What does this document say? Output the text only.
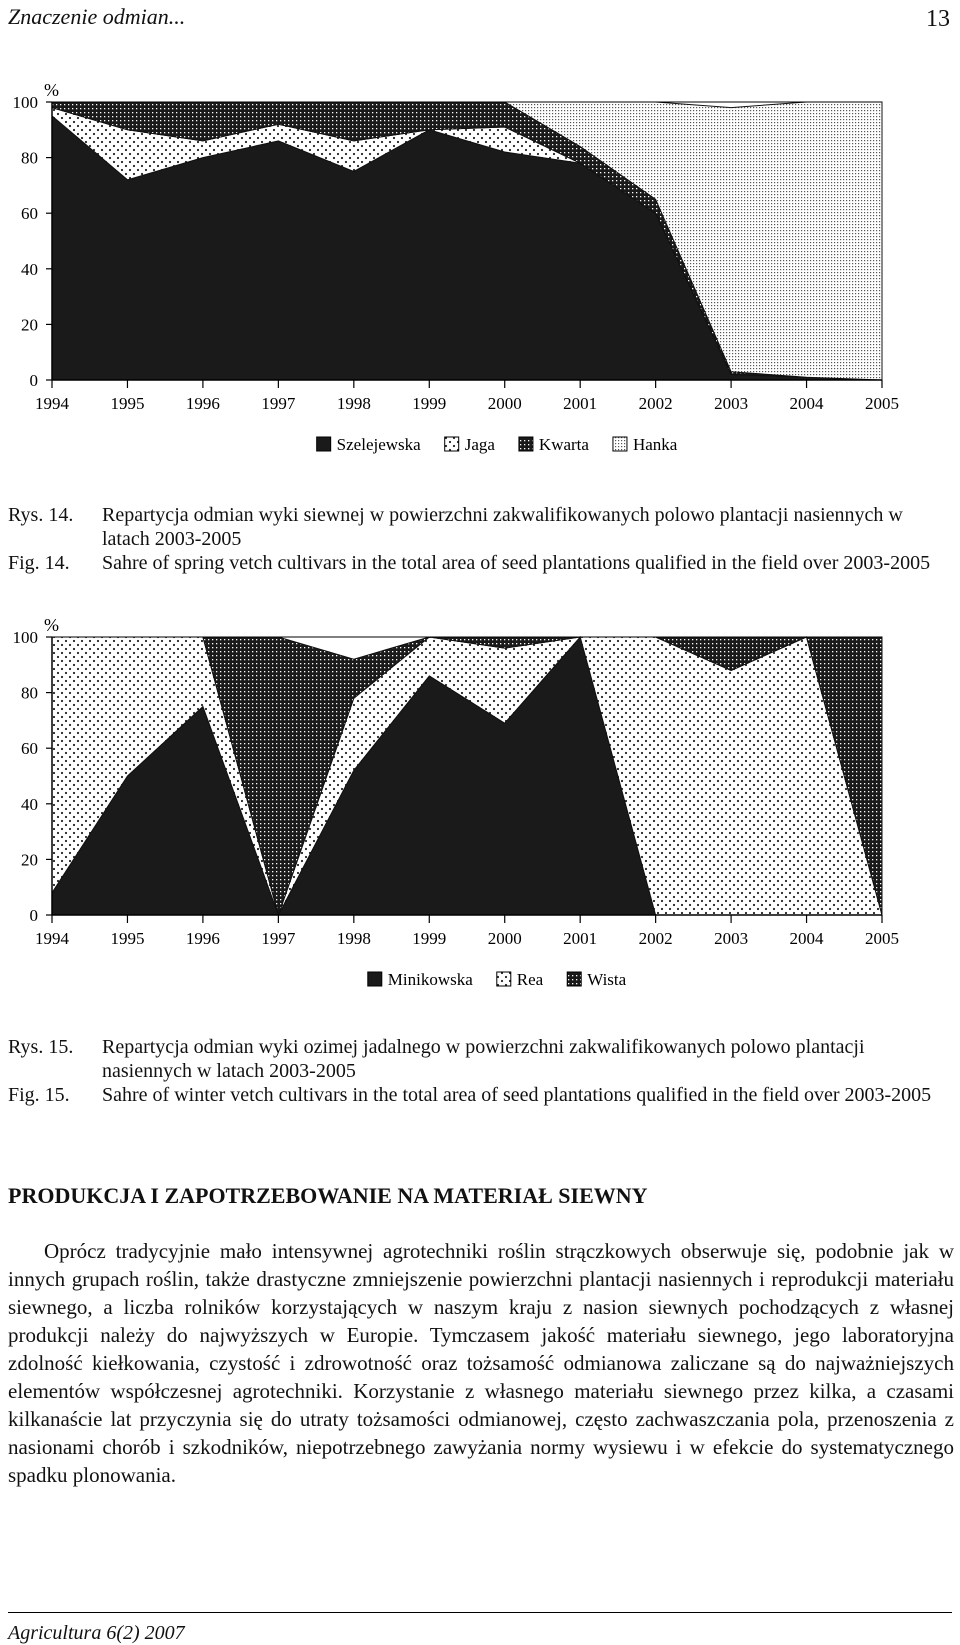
Znaczenie odmian...	13
0
20
40
60
80
100
%
1994 1995 1996 1997 1998 1999 2000 2001 2002 2003 2004 2005
Szelejewska	Jaga	Kwarta	Hanka
Rys. 14.	Repartycja odmian wyki siewnej w powierzchni zakwalifikowanych polowo plantacji nasiennych w latach 2003-2005
Fig. 14.	Sahre of spring vetch cultivars in the total area of seed plantations qualified in the field over 2003-2005
0
20
40
60
80
100
%
1994 1995 1996 1997 1998 1999 2000 2001 2002 2003 2004 2005
Minikowska	Rea	Wista
Rys. 15.	Repartycja odmian wyki ozimej jadalnego w powierzchni zakwalifikowanych polowo plantacji nasiennych w latach 2003-2005
Fig. 15.	Sahre of winter vetch cultivars in the total area of seed plantations qualified in the field over 2003-2005
PRODUKCJA I ZAPOTRZEBOWANIE NA MATERIAŁ SIEWNY

Oprócz tradycyjnie mało intensywnej agrotechniki roślin strączkowych obserwuje się, podobnie jak w innych grupach roślin, także drastyczne zmniejszenie powierzchni plantacji nasiennych i reprodukcji materiału siewnego, a liczba rolników korzystających w naszym kraju z nasion siewnych pochodzących z własnej produkcji należy do najwyższych w Europie. Tymczasem jakość materiału siewnego, jego laboratoryjna zdolność kiełkowania, czystość i zdrowotność oraz tożsamość odmianowa zaliczane są do najważniejszych elementów współczesnej agrotechniki. Korzystanie z własnego materiału siewnego przez kilka, a czasami kilkanaście lat przyczynia się do utraty tożsamości odmianowej, często zachwaszczania pola, przenoszenia z nasionami chorób i szkodników, niepotrzebnego zawyżania normy wysiewu i w efekcie do systematycznego spadku plonowania.

Agricultura 6(2) 2007
